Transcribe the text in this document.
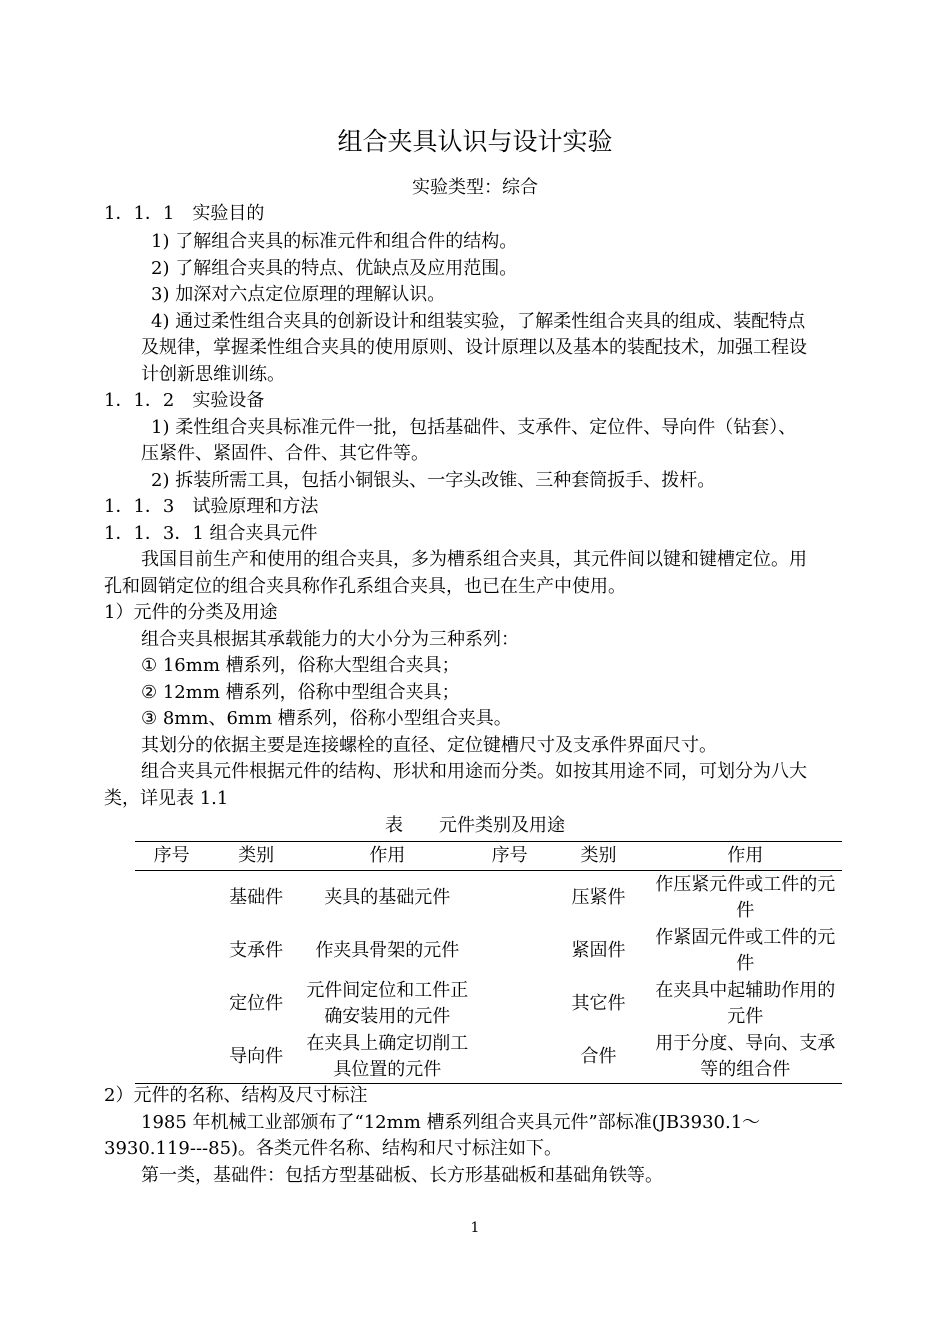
组合夹具认识与设计实验
实验类型：综合
1．1．1　实验目的
1) 了解组合夹具的标准元件和组合件的结构。
2) 了解组合夹具的特点、优缺点及应用范围。
3) 加深对六点定位原理的理解认识。
4) 通过柔性组合夹具的创新设计和组装实验，了解柔性组合夹具的组成、装配特点
及规律，掌握柔性组合夹具的使用原则、设计原理以及基本的装配技术，加强工程设
计创新思维训练。
1．1．2　实验设备
1) 柔性组合夹具标准元件一批，包括基础件、支承件、定位件、导向件（钻套）、
压紧件、紧固件、合件、其它件等。
2) 拆装所需工具，包括小铜银头、一字头改锥、三种套筒扳手、拨杆。
1．1．3　试验原理和方法
1．1．3．1 组合夹具元件
我国目前生产和使用的组合夹具，多为槽系组合夹具，其元件间以键和键槽定位。用
孔和圆销定位的组合夹具称作孔系组合夹具，也已在生产中使用。
1）元件的分类及用途
组合夹具根据其承载能力的大小分为三种系列：
① 16mm 槽系列，俗称大型组合夹具；
② 12mm 槽系列，俗称中型组合夹具；
③ 8mm、6mm 槽系列，俗称小型组合夹具。
其划分的依据主要是连接螺栓的直径、定位键槽尺寸及支承件界面尺寸。
组合夹具元件根据元件的结构、形状和用途而分类。如按其用途不同，可划分为八大
类，详见表 1.1
表　　元件类别及用途
序号	类别	作用	序号	类别	作用
	基础件	夹具的基础元件		压紧件	作压紧元件或工件的元件
	支承件	作夹具骨架的元件		紧固件	作紧固元件或工件的元件
	定位件	元件间定位和工件正确安装用的元件		其它件	在夹具中起辅助作用的元件
	导向件	在夹具上确定切削工具位置的元件		合件	用于分度、导向、支承等的组合件
2）元件的名称、结构及尺寸标注
1985 年机械工业部颁布了“12mm 槽系列组合夹具元件”部标准(JB3930.1～
3930.119---85)。各类元件名称、结构和尺寸标注如下。
第一类，基础件：包括方型基础板、长方形基础板和基础角铁等。
1
